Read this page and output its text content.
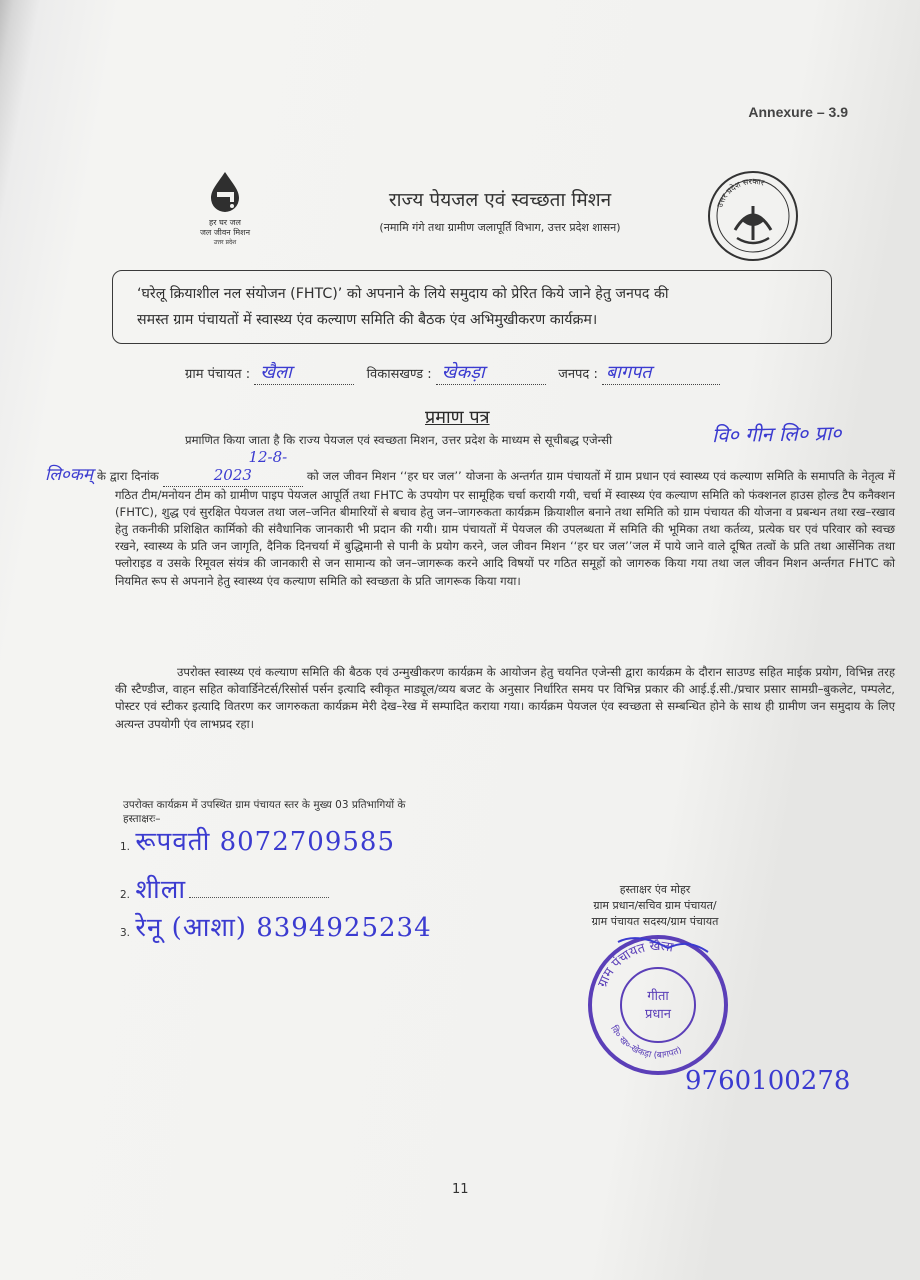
Annexure – 3.9
हर घर जल
जल जीवन मिशन
उत्तर प्रदेश
राज्य पेयजल एवं स्वच्छता मिशन
(नमामि गंगे तथा ग्रामीण जलापूर्ति विभाग, उत्तर प्रदेश शासन)
उत्तर प्रदेश सरकार
‘घरेलू क्रियाशील नल संयोजन (FHTC)’ को अपनाने के लिये समुदाय को प्रेरित किये जाने हेतु जनपद की
समस्त ग्राम पंचायतों में स्वास्थ्य एंव कल्याण समिति की बैठक एंव अभिमुखीकरण कार्यक्रम।
ग्राम पंचायत : खैला	विकासखण्ड : खेकड़ा	जनपद : बागपत
प्रमाण पत्र
वि० गीन लि० प्रा०
प्रमाणित किया जाता है कि राज्य पेयजल एवं स्वच्छता मिशन, उत्तर प्रदेश के माध्यम से सूचीबद्ध एजेन्सी
लि०कम् के द्वारा दिनांक 12-8-2023	को जल जीवन मिशन ‘‘हर घर जल’’ योजना के अन्तर्गत ग्राम पंचायतों में ग्राम प्रधान एवं स्वास्थ्य एवं कल्याण समिति के समापति के नेतृत्व में गठित टीम/मनोयन टीम को ग्रामीण पाइप पेयजल आपूर्ति तथा FHTC के उपयोग पर सामूहिक चर्चा करायी गयी, चर्चा में स्वास्थ्य एंव कल्याण समिति को फंक्शनल हाउस होल्ड टैप कनैक्शन (FHTC), शुद्ध एवं सुरक्षित पेयजल तथा जल–जनित बीमारियों से बचाव हेतु जन–जागरुकता कार्यक्रम क्रियाशील बनाने तथा समिति को ग्राम पंचायत की योजना व प्रबन्धन तथा रख–रखाव हेतु तकनीकी प्रशिक्षित कार्मिको की संवैधानिक जानकारी भी प्रदान की गयी। ग्राम पंचायतों में पेयजल की उपलब्धता में समिति की भूमिका तथा कर्तव्य, प्रत्येक घर एवं परिवार को स्वच्छ रखने, स्वास्थ्य के प्रति जन जागृति, दैनिक दिनचर्या में बुद्धिमानी से पानी के प्रयोग करने, जल जीवन मिशन ‘‘हर घर जल’’जल में पाये जाने वाले दूषित तत्वों के प्रति तथा आर्सेनिक तथा फ्लोराइड व उसके रिमूवल संयंत्र की जानकारी से जन सामान्य को जन–जागरूक करने आदि विषयों पर गठित समूहों को जागरुक किया गया तथा जल जीवन मिशन अर्न्तगत FHTC को नियमित रूप से अपनाने हेतु स्वास्थ्य एंव कल्याण समिति को स्वच्छता के प्रति जागरूक किया गया।
उपरोक्त स्वास्थ्य एवं कल्याण समिति की बैठक एवं उन्मुखीकरण कार्यक्रम के आयोजन हेतु चयनित एजेन्सी द्वारा कार्यक्रम के दौरान साउण्ड सहित माईक प्रयोग, विभिन्न तरह की स्टैण्डीज, वाहन सहित कोवार्डिनेटर्स/रिसोर्स पर्सन इत्यादि स्वीकृत माड्यूल/व्यय बजट के अनुसार निर्धारित समय पर विभिन्न प्रकार की आई.ई.सी./प्रचार प्रसार सामग्री–बुकलेट, पम्पलेट, पोस्टर एवं स्टीकर इत्यादि वितरण कर जागरुकता कार्यक्रम मेरी देख–रेख में सम्पादित कराया गया। कार्यक्रम पेयजल एंव स्वच्छता से सम्बन्धित होने के साथ ही ग्रामीण जन समुदाय के लिए अत्यन्त उपयोगी एंव लाभप्रद रहा।
उपरोक्त कार्यक्रम में उपस्थित ग्राम पंचायत स्तर के मुख्य 03 प्रतिभागियों के
हस्ताक्षरः–
1. रूपवती 8072709585
2. शीला
3. रेनू (आशा) 8394925234
हस्ताक्षर एंव मोहर
ग्राम प्रधान/सचिव ग्राम पंचायत/
ग्राम पंचायत सदस्य/ग्राम पंचायत
ग्राम पंचायत खैला
वि० ख०-खेकड़ा (बागपत)
गीता
प्रधान
9760100278
11
